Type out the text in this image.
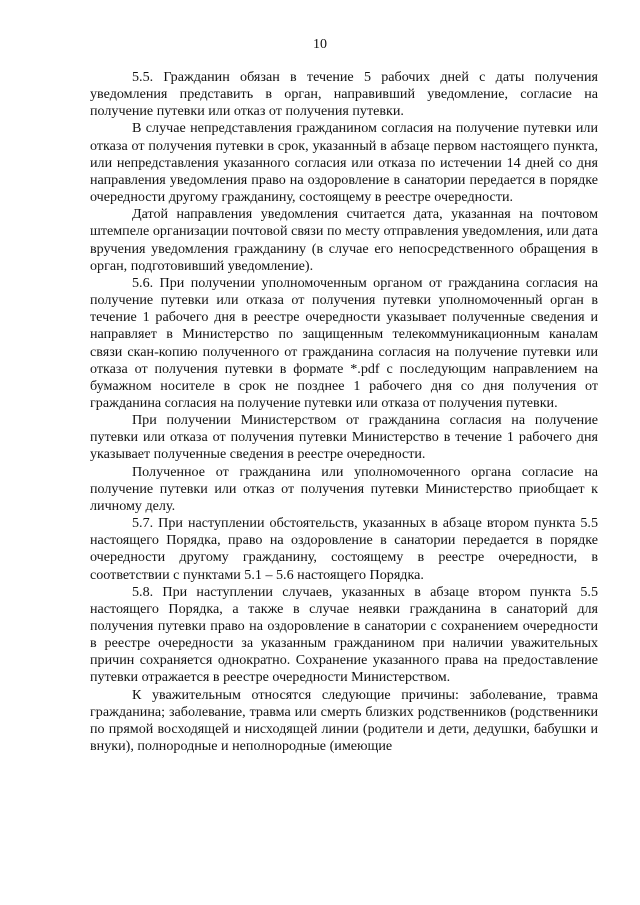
10

5.5. Гражданин обязан в течение 5 рабочих дней с даты получения уведомления представить в орган, направивший уведомление, согласие на получение путевки или отказ от получения путевки.

В случае непредставления гражданином согласия на получение путевки или отказа от получения путевки в срок, указанный в абзаце первом настоящего пункта, или непредставления указанного согласия или отказа по истечении 14 дней со дня направления уведомления право на оздоровление в санатории передается в порядке очередности другому гражданину, состоящему в реестре очередности.

Датой направления уведомления считается дата, указанная на почтовом штемпеле организации почтовой связи по месту отправления уведомления, или дата вручения уведомления гражданину (в случае его непосредственного обращения в орган, подготовивший уведомление).

5.6. При получении уполномоченным органом от гражданина согласия на получение путевки или отказа от получения путевки уполномоченный орган в течение 1 рабочего дня в реестре очередности указывает полученные сведения и направляет в Министерство по защищенным телекоммуникационным каналам связи скан-копию полученного от гражданина согласия на получение путевки или отказа от получения путевки в формате *.pdf с последующим направлением на бумажном носителе в срок не позднее 1 рабочего дня со дня получения от гражданина согласия на получение путевки или отказа от получения путевки.

При получении Министерством от гражданина согласия на получение путевки или отказа от получения путевки Министерство в течение 1 рабочего дня указывает полученные сведения в реестре очередности.

Полученное от гражданина или уполномоченного органа согласие на получение путевки или отказ от получения путевки Министерство приобщает к личному делу.

5.7. При наступлении обстоятельств, указанных в абзаце втором пункта 5.5 настоящего Порядка, право на оздоровление в санатории передается в порядке очередности другому гражданину, состоящему в реестре очередности, в соответствии с пунктами 5.1 – 5.6 настоящего Порядка.

5.8. При наступлении случаев, указанных в абзаце втором пункта 5.5 настоящего Порядка, а также в случае неявки гражданина в санаторий для получения путевки право на оздоровление в санатории с сохранением очередности в реестре очередности за указанным гражданином при наличии уважительных причин сохраняется однократно. Сохранение указанного права на предоставление путевки отражается в реестре очередности Министерством.

К уважительным относятся следующие причины: заболевание, травма гражданина; заболевание, травма или смерть близких родственников (родственники по прямой восходящей и нисходящей линии (родители и дети, дедушки, бабушки и внуки), полнородные и неполнородные (имеющие
